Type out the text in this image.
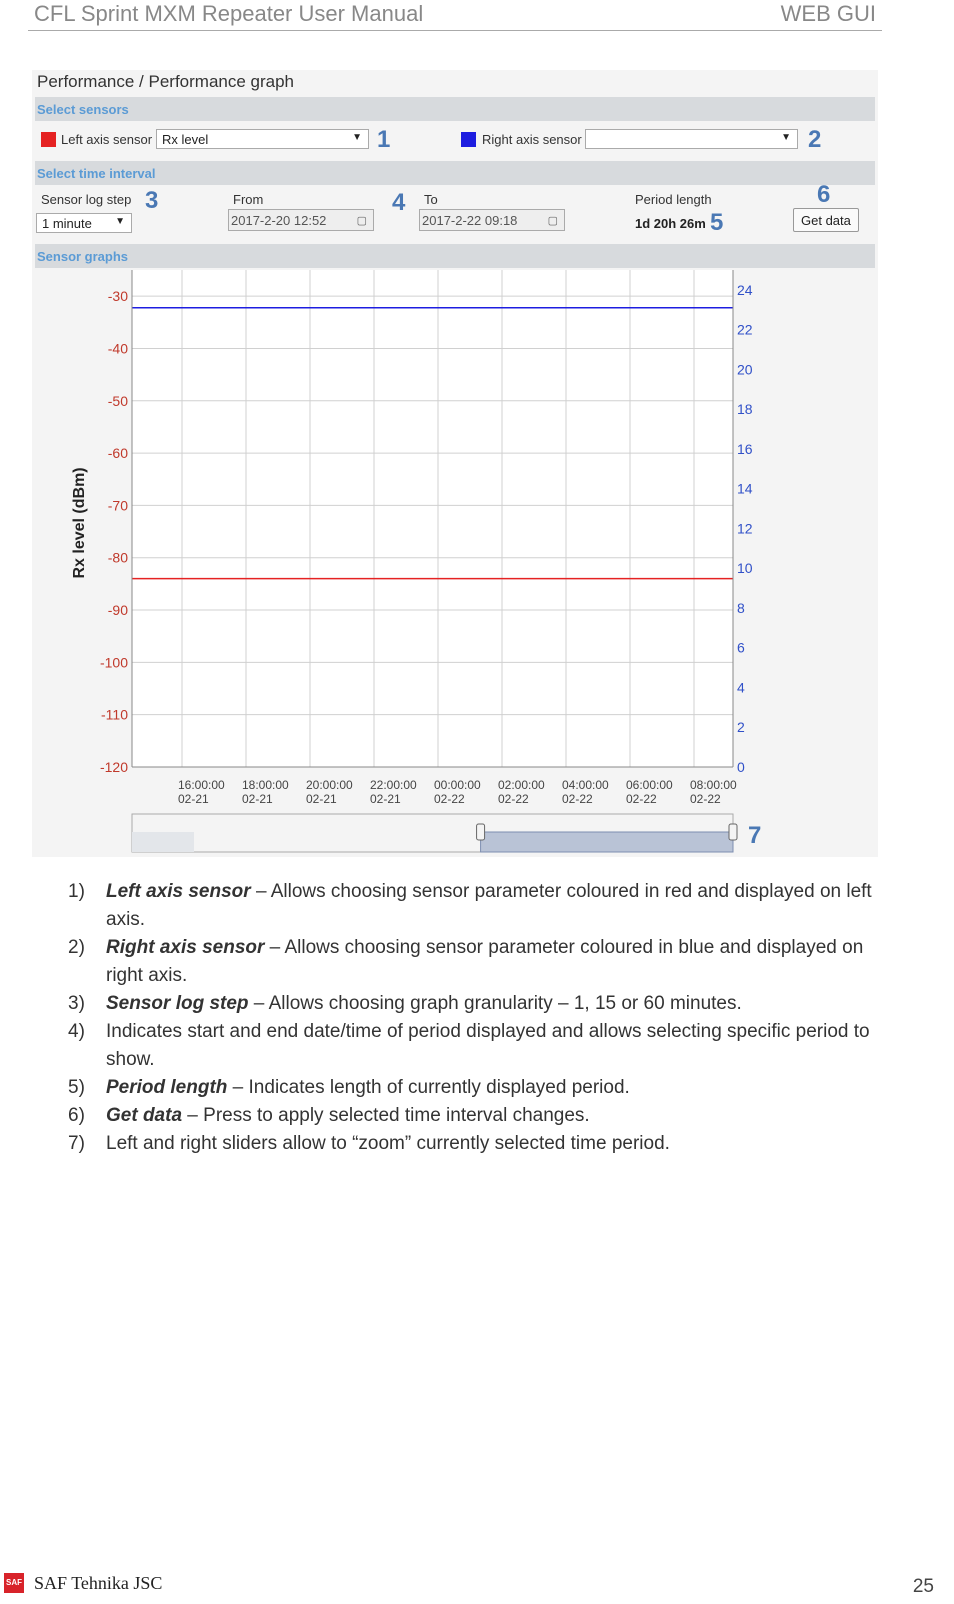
CFL Sprint MXM Repeater User Manual	WEB GUI
Performance / Performance graph
Select sensors
Left axis sensor Rx level	▼ 1	Right axis sensor	▼ 2
Select time interval
Sensor log step 3
1 minute ▼
From
2017-2-20 12:52	▢
4 To
2017-2-22 09:18	▢
Period length
1d 20h 26m 5
6
Get data
Sensor graphs
16:00:00
02-21
18:00:00
02-21
20:00:00
02-21
22:00:00
02-21
00:00:00
02-22
02:00:00
02-22
04:00:00
02-22
06:00:00
02-22
08:00:00
02-22
-30
-40
-50
-60
-70
-80
-90
-100
-110
-120
24
22
20
18
16
14
12
10
8
6
4
2
0
Rx level (dBm)
7
1) Left axis sensor – Allows choosing sensor parameter coloured in red and displayed on left axis.
2) Right axis sensor – Allows choosing sensor parameter coloured in blue and displayed on right axis.
3) Sensor log step – Allows choosing graph granularity – 1, 15 or 60 minutes.
4) Indicates start and end date/time of period displayed and allows selecting specific period to show.
5) Period length – Indicates length of currently displayed period.
6) Get data – Press to apply selected time interval changes.
7) Left and right sliders allow to “zoom” currently selected time period.
SAF SAF Tehnika JSC	25
